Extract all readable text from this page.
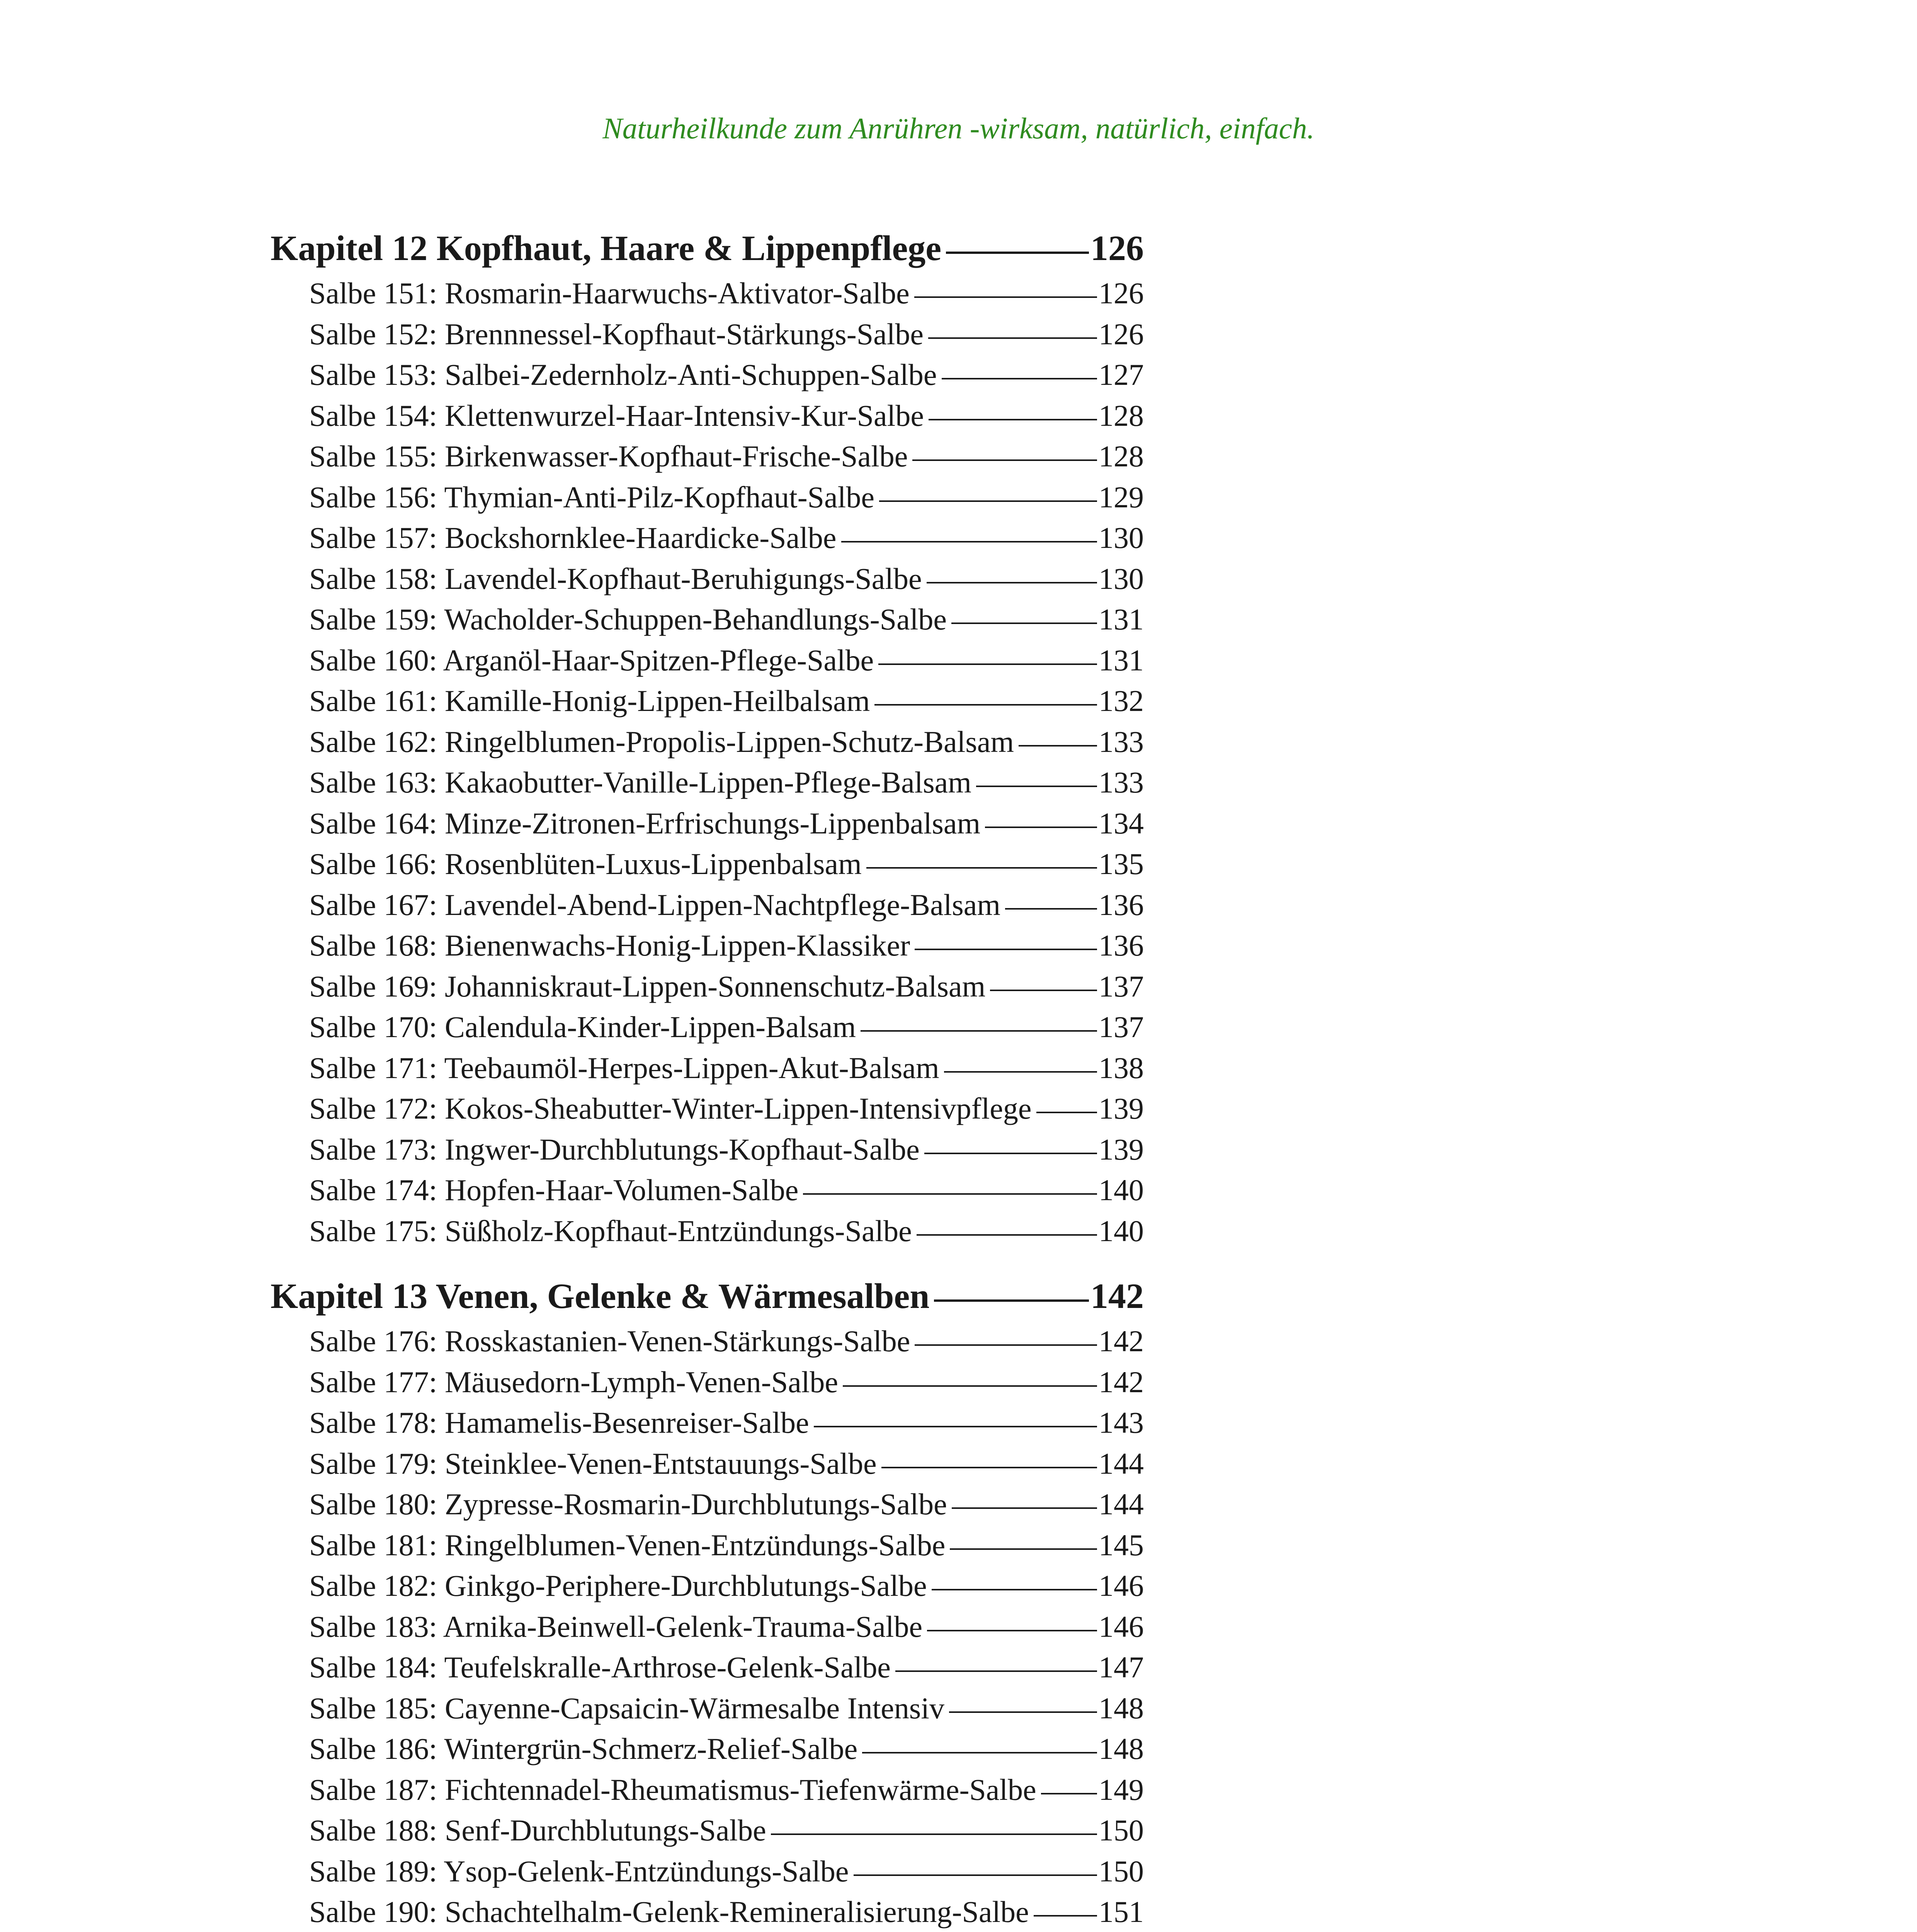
Naturheilkunde zum Anrühren -wirksam, natürlich, einfach.
Kapitel 12 Kopfhaut, Haare & Lippenpflege	126
Salbe 151: Rosmarin-Haarwuchs-Aktivator-Salbe	126
Salbe 152: Brennnessel-Kopfhaut-Stärkungs-Salbe	126
Salbe 153: Salbei-Zedernholz-Anti-Schuppen-Salbe	127
Salbe 154: Klettenwurzel-Haar-Intensiv-Kur-Salbe	128
Salbe 155: Birkenwasser-Kopfhaut-Frische-Salbe	128
Salbe 156: Thymian-Anti-Pilz-Kopfhaut-Salbe	129
Salbe 157: Bockshornklee-Haardicke-Salbe	130
Salbe 158: Lavendel-Kopfhaut-Beruhigungs-Salbe	130
Salbe 159: Wacholder-Schuppen-Behandlungs-Salbe	131
Salbe 160: Arganöl-Haar-Spitzen-Pflege-Salbe	131
Salbe 161: Kamille-Honig-Lippen-Heilbalsam	132
Salbe 162: Ringelblumen-Propolis-Lippen-Schutz-Balsam	133
Salbe 163: Kakaobutter-Vanille-Lippen-Pflege-Balsam	133
Salbe 164: Minze-Zitronen-Erfrischungs-Lippenbalsam	134
Salbe 166: Rosenblüten-Luxus-Lippenbalsam	135
Salbe 167: Lavendel-Abend-Lippen-Nachtpflege-Balsam	136
Salbe 168: Bienenwachs-Honig-Lippen-Klassiker	136
Salbe 169: Johanniskraut-Lippen-Sonnenschutz-Balsam	137
Salbe 170: Calendula-Kinder-Lippen-Balsam	137
Salbe 171: Teebaumöl-Herpes-Lippen-Akut-Balsam	138
Salbe 172: Kokos-Sheabutter-Winter-Lippen-Intensivpflege 139
Salbe 173: Ingwer-Durchblutungs-Kopfhaut-Salbe	139
Salbe 174: Hopfen-Haar-Volumen-Salbe	140
Salbe 175: Süßholz-Kopfhaut-Entzündungs-Salbe	140
Kapitel 13 Venen, Gelenke & Wärmesalben	142
Salbe 176: Rosskastanien-Venen-Stärkungs-Salbe	142
Salbe 177: Mäusedorn-Lymph-Venen-Salbe	142
Salbe 178: Hamamelis-Besenreiser-Salbe	143
Salbe 179: Steinklee-Venen-Entstauungs-Salbe	144
Salbe 180: Zypresse-Rosmarin-Durchblutungs-Salbe	144
Salbe 181: Ringelblumen-Venen-Entzündungs-Salbe	145
Salbe 182: Ginkgo-Periphere-Durchblutungs-Salbe	146
Salbe 183: Arnika-Beinwell-Gelenk-Trauma-Salbe	146
Salbe 184: Teufelskralle-Arthrose-Gelenk-Salbe	147
Salbe 185: Cayenne-Capsaicin-Wärmesalbe Intensiv	148
Salbe 186: Wintergrün-Schmerz-Relief-Salbe	148
Salbe 187: Fichtennadel-Rheumatismus-Tiefenwärme-Salbe 149
Salbe 188: Senf-Durchblutungs-Salbe	150
Salbe 189: Ysop-Gelenk-Entzündungs-Salbe	150
Salbe 190: Schachtelhalm-Gelenk-Remineralisierung-Salbe 151
